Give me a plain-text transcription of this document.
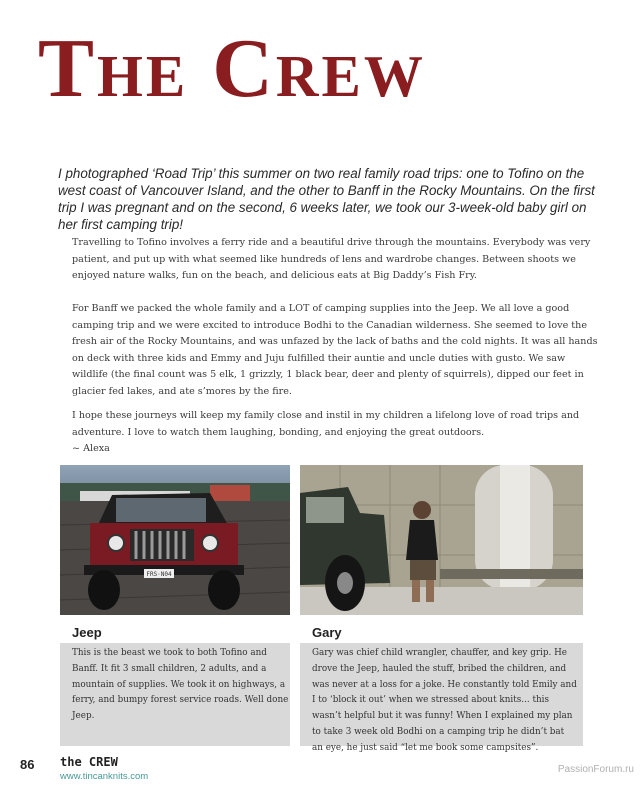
The Crew

I photographed ‘Road Trip’ this summer on two real family road trips: one to Tofino on the west coast of Vancouver Island, and the other to Banff in the Rocky Mountains. On the first trip I was pregnant and on the second, 6 weeks later, we took our 3-week-old baby girl on her first camping trip!

Travelling to Tofino involves a ferry ride and a beautiful drive through the mountains. Everybody was very patient, and put up with what seemed like hundreds of lens and wardrobe changes. Between shoots we enjoyed nature walks, fun on the beach, and delicious eats at Big Daddy’s Fish Fry.

For Banff we packed the whole family and a LOT of camping supplies into the Jeep. We all love a good camping trip and we were excited to introduce Bodhi to the Canadian wilderness. She seemed to love the fresh air of the Rocky Mountains, and was unfazed by the lack of baths and the cold nights. It was all hands on deck with three kids and Emmy and Juju fulfilled their auntie and uncle duties with gusto. We saw wildlife (the final count was 5 elk, 1 grizzly, 1 black bear, deer and plenty of squirrels), dipped our feet in glacier fed lakes, and ate s’mores by the fire.

I hope these journeys will keep my family close and instil in my children a lifelong love of road trips and adventure. I love to watch them laughing, bonding, and enjoying the great outdoors.

~ Alexa

FRS·N04

Jeep	Gary

This is the beast we took to both Tofino and Banff. It fit 3 small children, 2 adults, and a mountain of supplies. We took it on highways, a ferry, and bumpy forest service roads. Well done Jeep.

Gary was chief child wrangler, chauffer, and key grip. He drove the Jeep, hauled the stuff, bribed the children, and was never at a loss for a joke. He constantly told Emily and I to ‘block it out’ when we stressed about knits... this wasn’t helpful but it was funny! When I explained my plan to take 3 week old Bodhi on a camping trip he didn’t bat an eye, he just said “let me book some campsites”.

86 the CREW
www.tincanknits.com
PassionForum.ru
